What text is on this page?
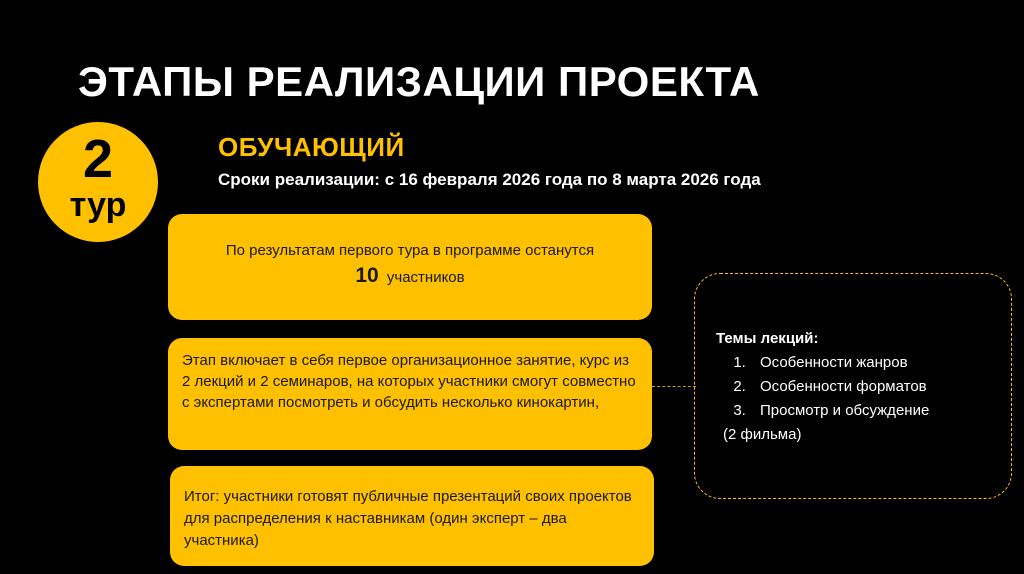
ЭТАПЫ РЕАЛИЗАЦИИ ПРОЕКТА
2
тур
ОБУЧАЮЩИЙ
Сроки реализации: с 16 февраля 2026 года по 8 марта 2026 года
По результатам первого тура в программе останутся
10 участников
Этап включает в себя первое организационное занятие, курс из 2 лекций и 2 семинаров, на которых участники смогут совместно с экспертами посмотреть и обсудить несколько кинокартин,

Итог: участники готовят публичные презентаций своих проектов для распределения к наставникам (один эксперт – два участника)

Темы лекций:
1. Особенности жанров
2. Особенности форматов
3. Просмотр и обсуждение
(2 фильма)
